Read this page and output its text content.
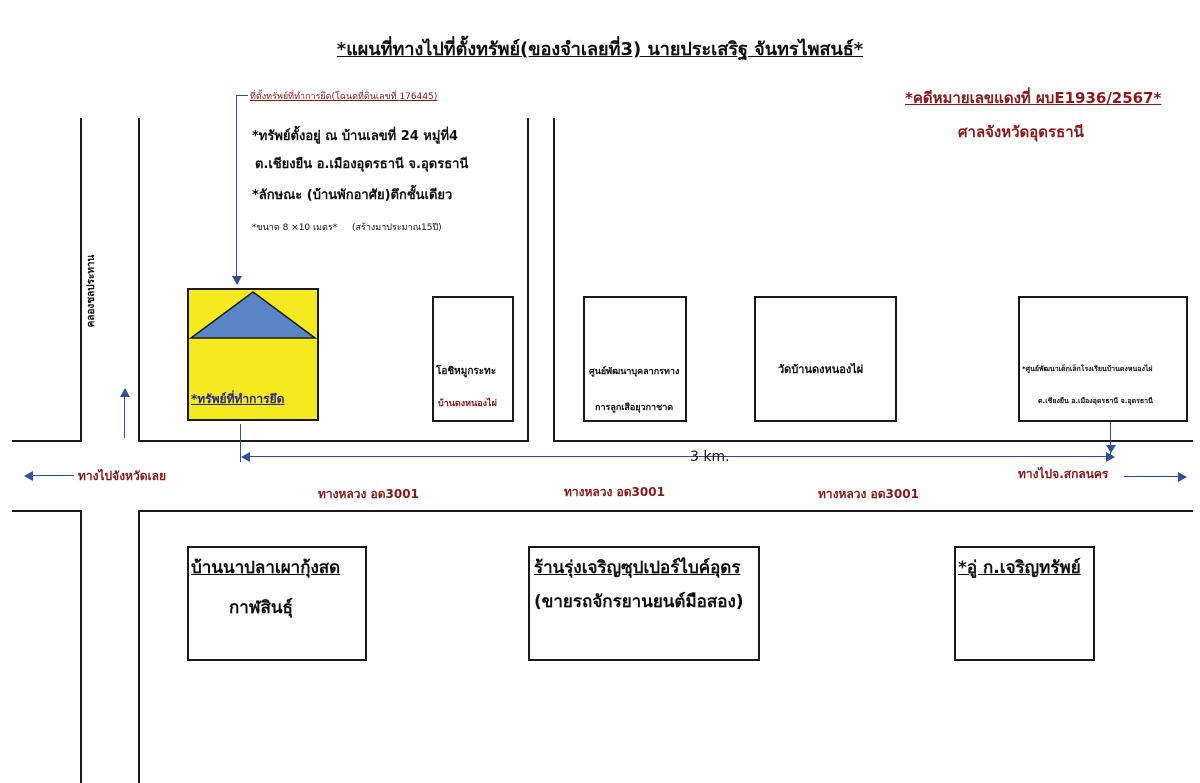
*แผนที่ทางไปที่ตั้งทรัพย์(ของจำเลยที่3) นายประเสริฐ จันทรไพสนธ์*
*คดีหมายเลขแดงที่ ผบE1936/2567*
ศาลจังหวัดอุดรธานี
ที่ตั้งทรัพย์ที่ทำการยึด(โฉนดที่ดินเลขที่ 176445)
*ทรัพย์ตั้งอยู่ ณ บ้านเลขที่ 24 หมู่ที่4
ต.เชียงยืน อ.เมืองอุดรธานี จ.อุดรธานี
*ลักษณะ (บ้านพักอาศัย)ตึกชั้นเดียว
*ขนาด 8 ×10 เมตร* (สร้างมาประมาณ15ปี)
คลองชลประทาน
*ทรัพย์ที่ทำการยึด
โอชิหมูกระทะ
บ้านดงหนองไผ่
ศูนย์พัฒนาบุคลากรทาง
การลูกเสือยุวกาชาด
วัดบ้านดงหนองไผ่	*ศูนย์พัฒนาเด็กเล็กโรงเรียนบ้านดงหนองไผ่
ต.เชียงยืน อ.เมืองอุดรธานี จ.อุดรธานี
3 km.
ทางไปจังหวัดเลย	ทางไปจ.สกลนคร
ทางหลวง อด3001	ทางหลวง อด3001	ทางหลวง อด3001
บ้านนาปลาเผากุ้งสด
กาฬสินธุ์
ร้านรุ่งเจริญซุปเปอร์ไบค์อุดร
(ขายรถจักรยานยนต์มือสอง)
*อู่ ก.เจริญทรัพย์
